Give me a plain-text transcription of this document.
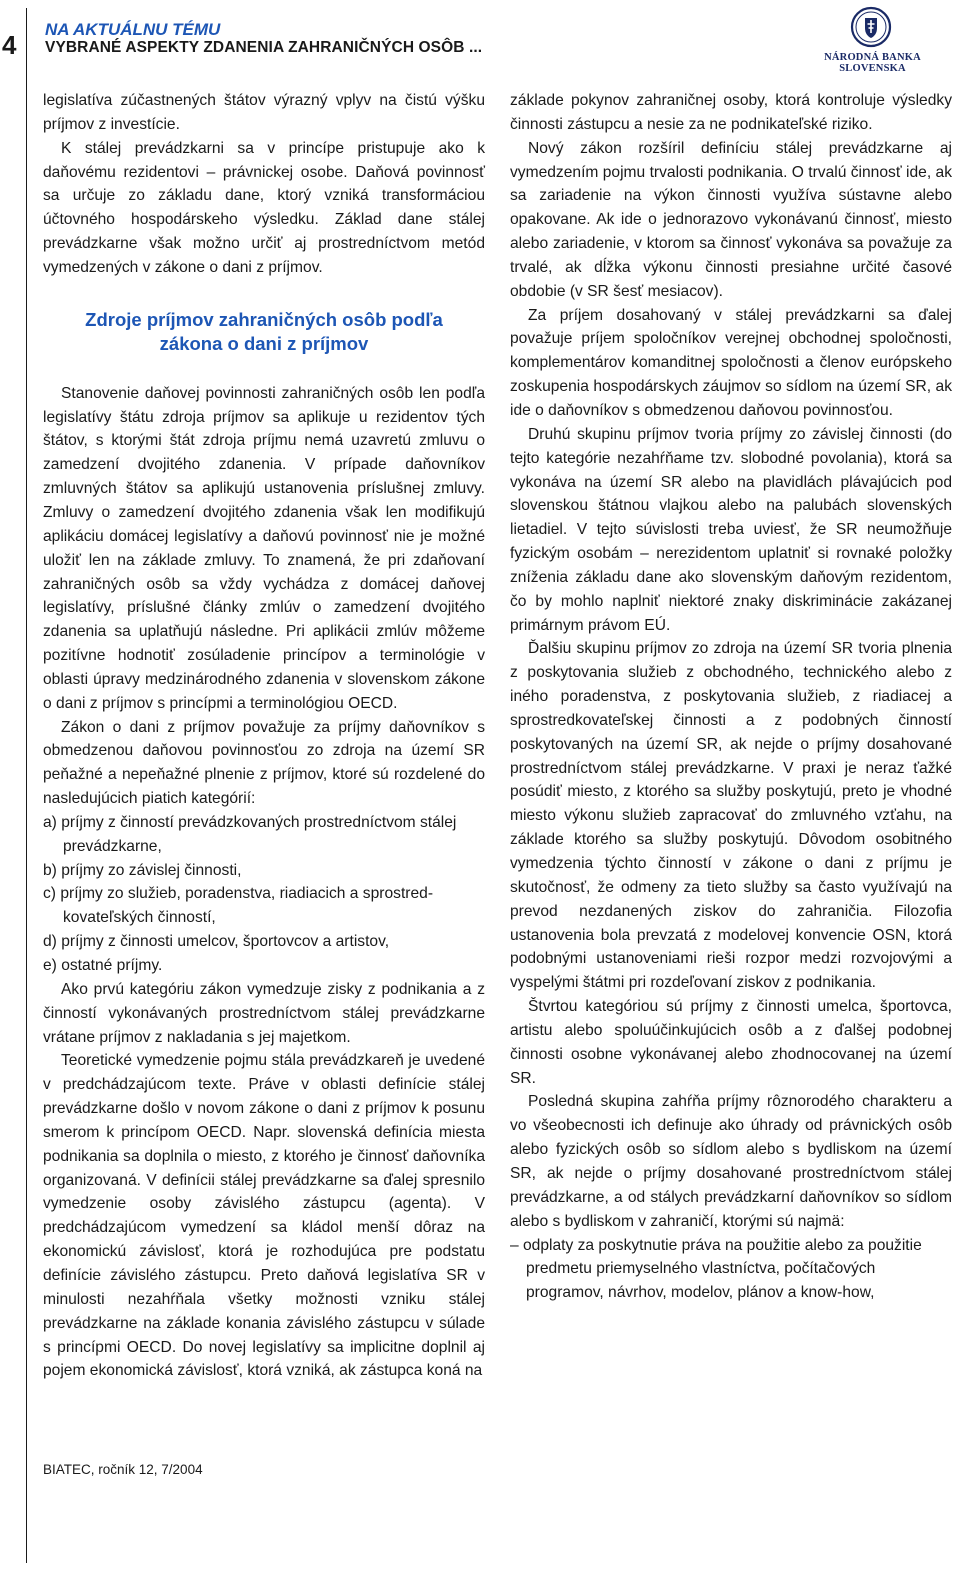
4
NA AKTUÁLNU TÉMU
VYBRANÉ ASPEKTY ZDANENIA ZAHRANIČNÝCH OSÔB ...
NÁRODNÁ BANKA SLOVENSKA

legislatíva zúčastnených štátov výrazný vplyv na čistú výšku príjmov z investície.

K stálej prevádzkarni sa v princípe pristupuje ako k daňovému rezidentovi – právnickej osobe. Daňová povinnosť sa určuje zo základu dane, ktorý vzniká transformáciou účtovného hospodárskeho výsledku. Základ dane stálej prevádzkarne však možno určiť aj prostredníctvom metód vymedzených v zákone o dani z príjmov.

Zdroje príjmov zahraničných osôb podľa zákona o dani z príjmov

Stanovenie daňovej povinnosti zahraničných osôb len podľa legislatívy štátu zdroja príjmov sa aplikuje u rezidentov tých štátov, s ktorými štát zdroja príjmu nemá uzavretú zmluvu o zamedzení dvojitého zdanenia. V prípade daňovníkov zmluvných štátov sa aplikujú ustanovenia príslušnej zmluvy. Zmluvy o zamedzení dvojitého zdanenia však len modifikujú aplikáciu domácej legislatívy a daňovú povinnosť nie je možné uložiť len na základe zmluvy. To znamená, že pri zdaňovaní zahraničných osôb sa vždy vychádza z domácej daňovej legislatívy, príslušné články zmlúv o zamedzení dvojitého zdanenia sa uplatňujú následne. Pri aplikácii zmlúv môžeme pozitívne hodnotiť zosúladenie princípov a terminológie v oblasti úpravy medzinárodného zdanenia v slovenskom zákone o dani z príjmov s princípmi a terminológiou OECD.

Zákon o dani z príjmov považuje za príjmy daňovníkov s obmedzenou daňovou povinnosťou zo zdroja na území SR peňažné a nepeňažné plnenie z príjmov, ktoré sú rozdelené do nasledujúcich piatich kategórií:

a) príjmy z činností prevádzkovaných prostredníctvom stálej prevádzkarne,
b) príjmy zo závislej činnosti,
c) príjmy zo služieb, poradenstva, riadiacich a sprostredkovateľských činností,
d) príjmy z činnosti umelcov, športovcov a artistov,
e) ostatné príjmy.

Ako prvú kategóriu zákon vymedzuje zisky z podnikania a z činností vykonávaných prostredníctvom stálej prevádzkarne vrátane príjmov z nakladania s jej majetkom.

Teoretické vymedzenie pojmu stála prevádzkareň je uvedené v predchádzajúcom texte. Práve v oblasti definície stálej prevádzkarne došlo v novom zákone o dani z príjmov k posunu smerom k princípom OECD. Napr. slovenská definícia miesta podnikania sa doplnila o miesto, z ktorého je činnosť daňovníka organizovaná. V definícii stálej prevádzkarne sa ďalej spresnilo vymedzenie osoby závislého zástupcu (agenta). V predchádzajúcom vymedzení sa kládol menší dôraz na ekonomickú závislosť, ktorá je rozhodujúca pre podstatu definície závislého zástupcu. Preto daňová legislatíva SR v minulosti nezahŕňala všetky možnosti vzniku stálej prevádzkarne na základe konania závislého zástupcu v súlade s princípmi OECD. Do novej legislatívy sa implicitne doplnil aj pojem ekonomická závislosť, ktorá vzniká, ak zástupca koná na

základe pokynov zahraničnej osoby, ktorá kontroluje výsledky činnosti zástupcu a nesie za ne podnikateľské riziko.

Nový zákon rozšíril definíciu stálej prevádzkarne aj vymedzením pojmu trvalosti podnikania. O trvalú činnosť ide, ak sa zariadenie na výkon činnosti využíva sústavne alebo opakovane. Ak ide o jednorazovo vykonávanú činnosť, miesto alebo zariadenie, v ktorom sa činnosť vykonáva sa považuje za trvalé, ak dĺžka výkonu činnosti presiahne určité časové obdobie (v SR šesť mesiacov).

Za príjem dosahovaný v stálej prevádzkarni sa ďalej považuje príjem spoločníkov verejnej obchodnej spoločnosti, komplementárov komanditnej spoločnosti a členov európskeho zoskupenia hospodárskych záujmov so sídlom na území SR, ak ide o daňovníkov s obmedzenou daňovou povinnosťou.

Druhú skupinu príjmov tvoria príjmy zo závislej činnosti (do tejto kategórie nezahŕňame tzv. slobodné povolania), ktorá sa vykonáva na území SR alebo na plavidlách plávajúcich pod slovenskou štátnou vlajkou alebo na palubách slovenských lietadiel. V tejto súvislosti treba uviesť, že SR neumožňuje fyzickým osobám – nerezidentom uplatniť si rovnaké položky zníženia základu dane ako slovenským daňovým rezidentom, čo by mohlo naplniť niektoré znaky diskriminácie zakázanej primárnym právom EÚ.

Ďalšiu skupinu príjmov zo zdroja na území SR tvoria plnenia z poskytovania služieb z obchodného, technického alebo z iného poradenstva, z poskytovania služieb, z riadiacej a sprostredkovateľskej činnosti a z podobných činností poskytovaných na území SR, ak nejde o príjmy dosahované prostredníctvom stálej prevádzkarne. V praxi je neraz ťažké posúdiť miesto, z ktorého sa služby poskytujú, preto je vhodné miesto výkonu služieb zapracovať do zmluvného vzťahu, na základe ktorého sa služby poskytujú. Dôvodom osobitného vymedzenia týchto činností v zákone o dani z príjmu je skutočnosť, že odmeny za tieto služby sa často využívajú na prevod nezdanených ziskov do zahraničia. Filozofia ustanovenia bola prevzatá z modelovej konvencie OSN, ktorá podobnými ustanoveniami rieši rozpor medzi rozvojovými a vyspelými štátmi pri rozdeľovaní ziskov z podnikania.

Štvrtou kategóriou sú príjmy z činnosti umelca, športovca, artistu alebo spoluúčinkujúcich osôb a z ďalšej podobnej činnosti osobne vykonávanej alebo zhodnocovanej na území SR.

Posledná skupina zahŕňa príjmy rôznorodého charakteru a vo všeobecnosti ich definuje ako úhrady od právnických osôb alebo fyzických osôb so sídlom alebo s bydliskom na území SR, ak nejde o príjmy dosahované prostredníctvom stálej prevádzkarne, a od stálych prevádzkarní daňovníkov so sídlom alebo s bydliskom v zahraničí, ktorými sú najmä:

– odplaty za poskytnutie práva na použitie alebo za použitie predmetu priemyselného vlastníctva, počítačových programov, návrhov, modelov, plánov a know-how,
BIATEC, ročník 12, 7/2004
